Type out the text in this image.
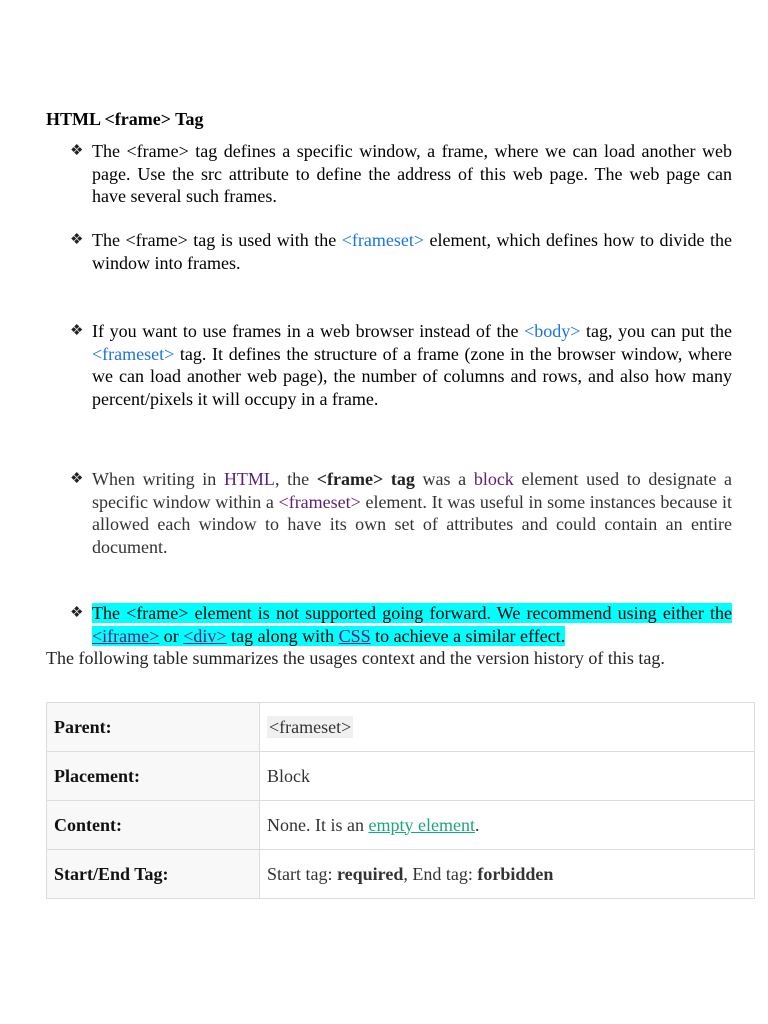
HTML <frame> Tag
❖ The <frame> tag defines a specific window, a frame, where we can load another web page. Use the src attribute to define the address of this web page. The web page can have several such frames.

❖ The <frame> tag is used with the <frameset> element, which defines how to divide the window into frames.

❖ If you want to use frames in a web browser instead of the <body> tag, you can put the <frameset> tag. It defines the structure of a frame (zone in the browser window, where we can load another web page), the number of columns and rows, and also how many percent/pixels it will occupy in a frame.

❖ When writing in HTML, the <frame> tag was a block element used to designate a specific window within a <frameset> element. It was useful in some instances because it allowed each window to have its own set of attributes and could contain an entire document.

❖ The <frame> element is not supported going forward. We recommend using either the <iframe> or <div> tag along with CSS to achieve a similar effect.

The following table summarizes the usages context and the version history of this tag.

Parent:	<frameset>
Placement:	Block
Content:	None. It is an empty element.
Start/End Tag:	Start tag: required, End tag: forbidden
